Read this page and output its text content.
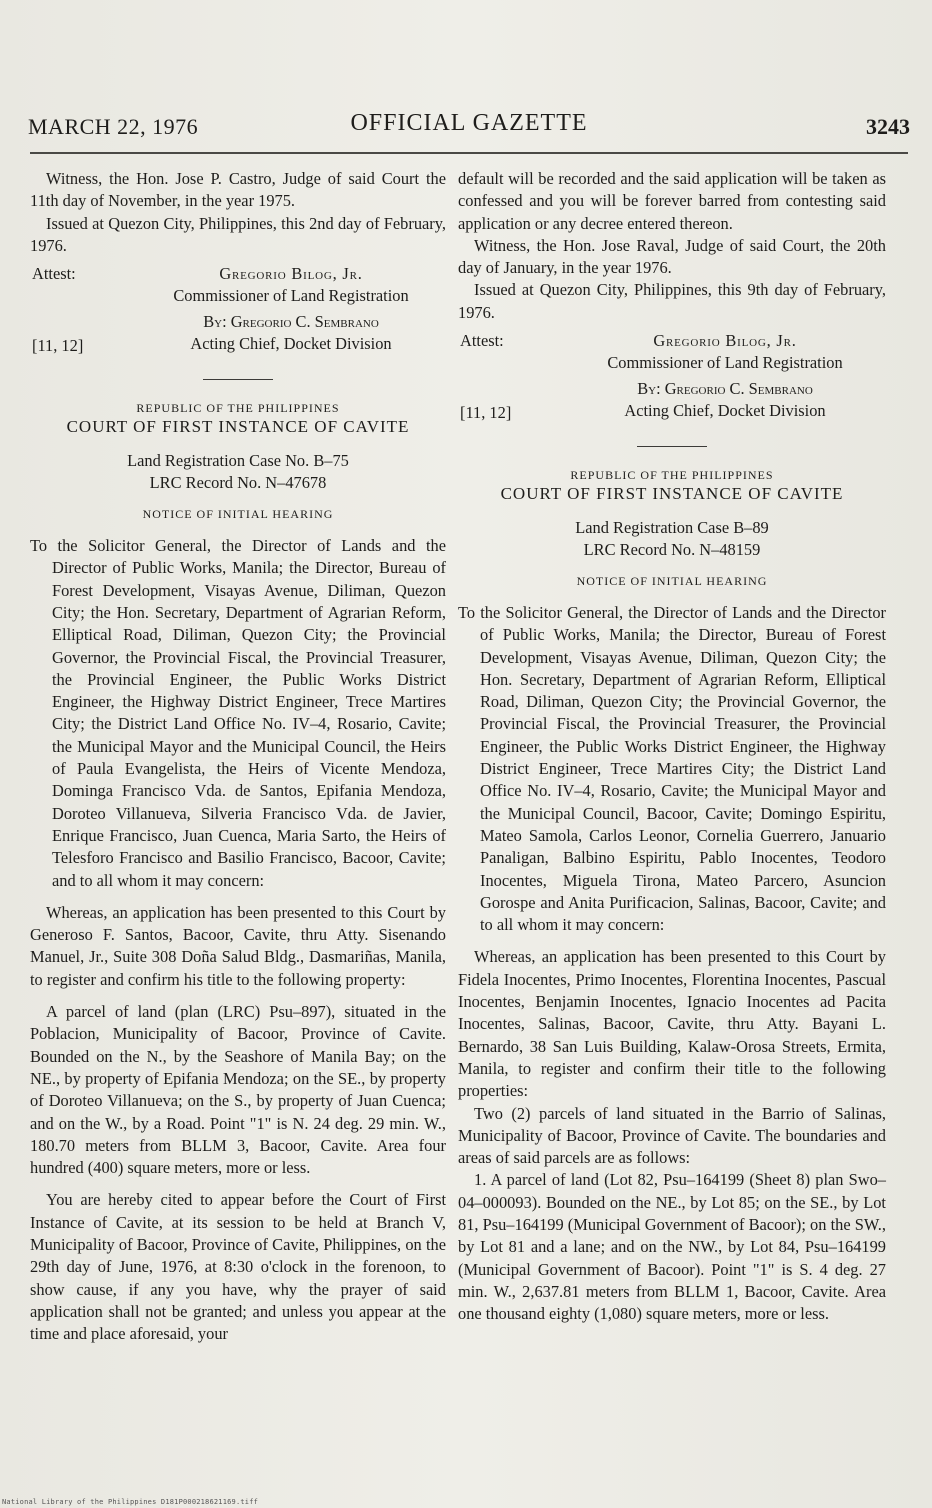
MARCH 22, 1976	OFFICIAL GAZETTE	3243

Witness, the Hon. Jose P. Castro, Judge of said Court the 11th day of November, in the year 1975.

Issued at Quezon City, Philippines, this 2nd day of February, 1976.

Attest:	Gregorio Bilog, Jr.
Commissioner of Land Registration
By: Gregorio C. Sembrano
Acting Chief, Docket Division
[11, 12]
REPUBLIC OF THE PHILIPPINES
COURT OF FIRST INSTANCE OF CAVITE
Land Registration Case No. B–75
LRC Record No. N–47678
NOTICE OF INITIAL HEARING

To the Solicitor General, the Director of Lands and the Director of Public Works, Manila; the Director, Bureau of Forest Development, Visayas Avenue, Diliman, Quezon City; the Hon. Secretary, Department of Agrarian Reform, Elliptical Road, Diliman, Quezon City; the Provincial Governor, the Provincial Fiscal, the Provincial Treasurer, the Provincial Engineer, the Public Works District Engineer, the Highway District Engineer, Trece Martires City; the District Land Office No. IV–4, Rosario, Cavite; the Municipal Mayor and the Municipal Council, the Heirs of Paula Evangelista, the Heirs of Vicente Mendoza, Dominga Francisco Vda. de Santos, Epifania Mendoza, Doroteo Villanueva, Silveria Francisco Vda. de Javier, Enrique Francisco, Juan Cuenca, Maria Sarto, the Heirs of Telesforo Francisco and Basilio Francisco, Bacoor, Cavite; and to all whom it may concern:

Whereas, an application has been presented to this Court by Generoso F. Santos, Bacoor, Cavite, thru Atty. Sisenando Manuel, Jr., Suite 308 Doña Salud Bldg., Dasmariñas, Manila, to register and confirm his title to the following property:

A parcel of land (plan (LRC) Psu–897), situated in the Poblacion, Municipality of Bacoor, Province of Cavite. Bounded on the N., by the Seashore of Manila Bay; on the NE., by property of Epifania Mendoza; on the SE., by property of Doroteo Villanueva; on the S., by property of Juan Cuenca; and on the W., by a Road. Point "1" is N. 24 deg. 29 min. W., 180.70 meters from BLLM 3, Bacoor, Cavite. Area four hundred (400) square meters, more or less.

You are hereby cited to appear before the Court of First Instance of Cavite, at its session to be held at Branch V, Municipality of Bacoor, Province of Cavite, Philippines, on the 29th day of June, 1976, at 8:30 o'clock in the forenoon, to show cause, if any you have, why the prayer of said application shall not be granted; and unless you appear at the time and place aforesaid, your

default will be recorded and the said application will be taken as confessed and you will be forever barred from contesting said application or any decree entered thereon.

Witness, the Hon. Jose Raval, Judge of said Court, the 20th day of January, in the year 1976.

Issued at Quezon City, Philippines, this 9th day of February, 1976.

Attest:	Gregorio Bilog, Jr.
Commissioner of Land Registration
By: Gregorio C. Sembrano
Acting Chief, Docket Division
[11, 12]
REPUBLIC OF THE PHILIPPINES
COURT OF FIRST INSTANCE OF CAVITE
Land Registration Case B–89
LRC Record No. N–48159
NOTICE OF INITIAL HEARING

To the Solicitor General, the Director of Lands and the Director of Public Works, Manila; the Director, Bureau of Forest Development, Visayas Avenue, Diliman, Quezon City; the Hon. Secretary, Department of Agrarian Reform, Elliptical Road, Diliman, Quezon City; the Provincial Governor, the Provincial Fiscal, the Provincial Treasurer, the Provincial Engineer, the Public Works District Engineer, the Highway District Engineer, Trece Martires City; the District Land Office No. IV–4, Rosario, Cavite; the Municipal Mayor and the Municipal Council, Bacoor, Cavite; Domingo Espiritu, Mateo Samola, Carlos Leonor, Cornelia Guerrero, Januario Panaligan, Balbino Espiritu, Pablo Inocentes, Teodoro Inocentes, Miguela Tirona, Mateo Parcero, Asuncion Gorospe and Anita Purificacion, Salinas, Bacoor, Cavite; and to all whom it may concern:

Whereas, an application has been presented to this Court by Fidela Inocentes, Primo Inocentes, Florentina Inocentes, Pascual Inocentes, Benjamin Inocentes, Ignacio Inocentes ad Pacita Inocentes, Salinas, Bacoor, Cavite, thru Atty. Bayani L. Bernardo, 38 San Luis Building, Kalaw-Orosa Streets, Ermita, Manila, to register and confirm their title to the following properties:

Two (2) parcels of land situated in the Barrio of Salinas, Municipality of Bacoor, Province of Cavite. The boundaries and areas of said parcels are as follows:

1. A parcel of land (Lot 82, Psu–164199 (Sheet 8) plan Swo–04–000093). Bounded on the NE., by Lot 85; on the SE., by Lot 81, Psu–164199 (Municipal Government of Bacoor); on the SW., by Lot 81 and a lane; and on the NW., by Lot 84, Psu–164199 (Municipal Government of Bacoor). Point "1" is S. 4 deg. 27 min. W., 2,637.81 meters from BLLM 1, Bacoor, Cavite. Area one thousand eighty (1,080) square meters, more or less.

National Library of the Philippines D181P000218621169.tiff
